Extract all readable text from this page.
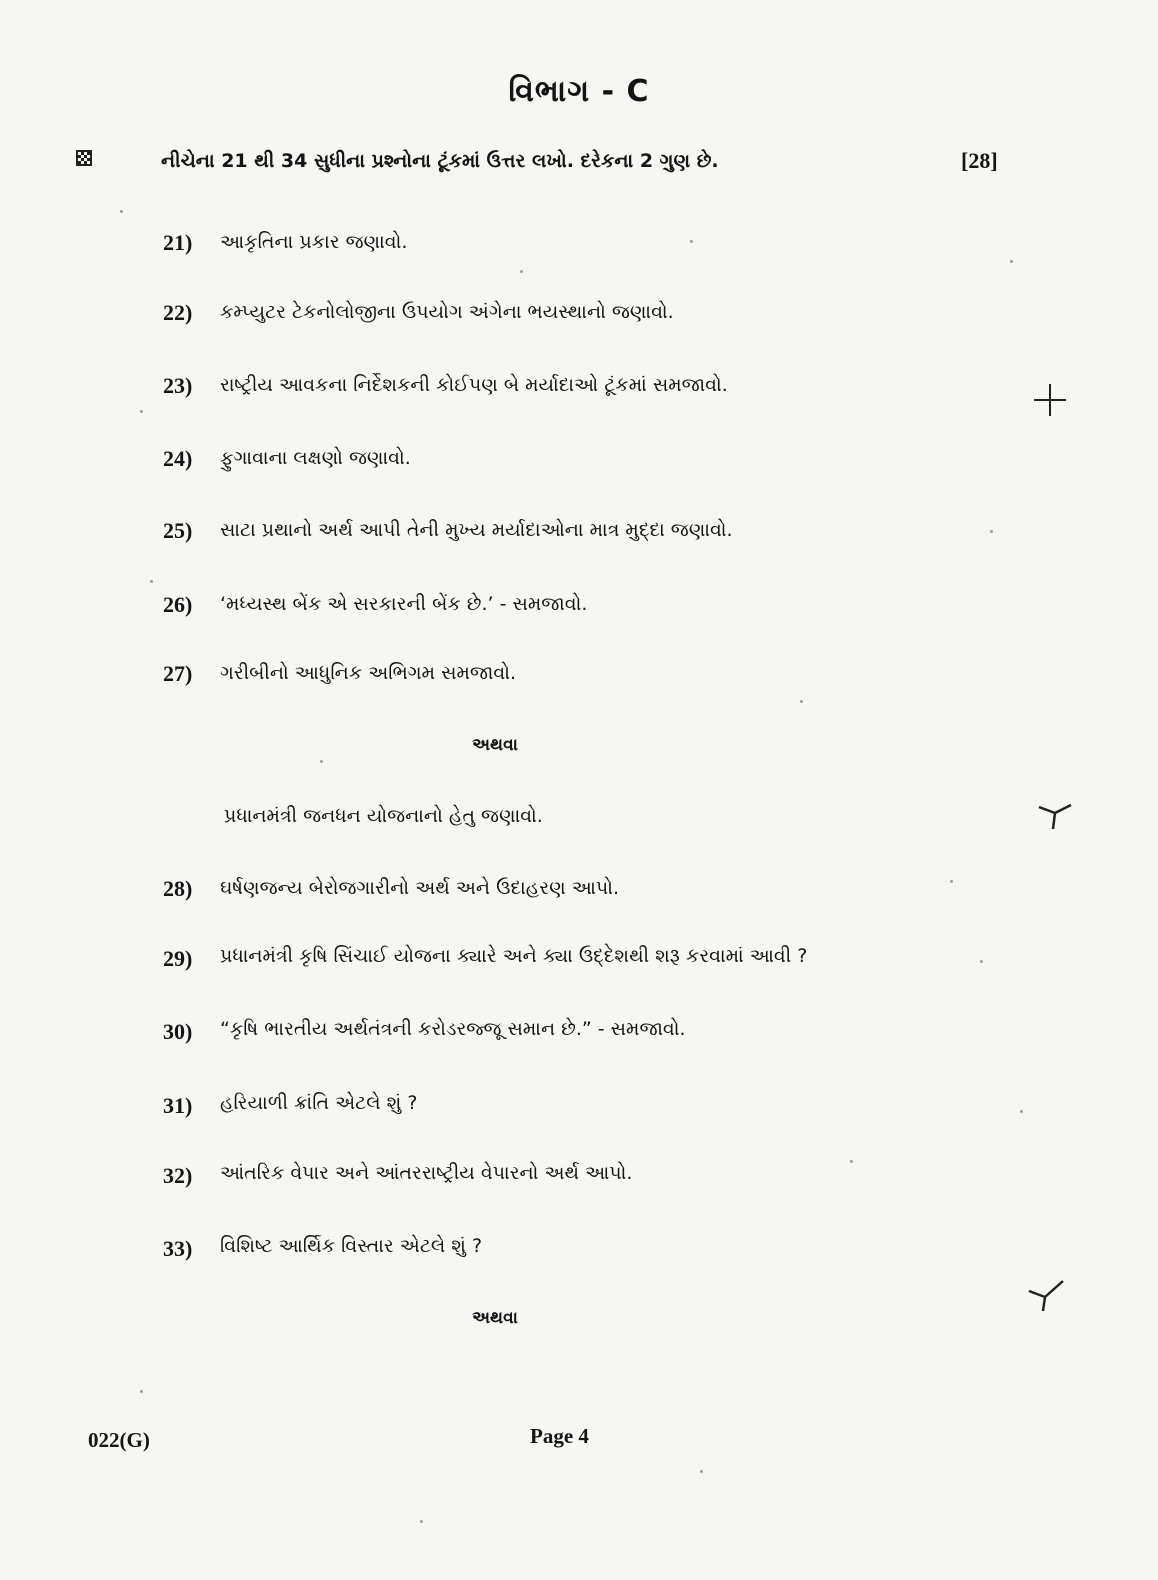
વિભાગ - C
નીચેના 21 થી 34 સુધીના પ્રશ્નોના ટૂંકમાં ઉત્તર લખો. દરેકના 2 ગુણ છે.	[28]
21) આકૃતિના પ્રકાર જણાવો.
22) કમ્પ્યુટર ટેકનોલોજીના ઉપયોગ અંગેના ભયસ્થાનો જણાવો.
23) રાષ્ટ્રીય આવકના નિર્દેશકની કોઈપણ બે મર્યાદાઓ ટૂંકમાં સમજાવો.
24) ફુગાવાના લક્ષણો જણાવો.
25) સાટા પ્રથાનો અર્થ આપી તેની મુખ્ય મર્યાદાઓના માત્ર મુદ્દા જણાવો.
26) ‘મધ્યસ્થ બેંક એ સરકારની બેંક છે.’ - સમજાવો.
27) ગરીબીનો આધુનિક અભિગમ સમજાવો.
અથવા
પ્રધાનમંત્રી જનધન યોજનાનો હેતુ જણાવો.
28) ઘર્ષણજન્ય બેરોજગારીનો અર્થ અને ઉદાહરણ આપો.
29) પ્રધાનમંત્રી કૃષિ સિંચાઈ યોજના ક્યારે અને ક્યા ઉદ્દેશથી શરૂ કરવામાં આવી ?
30) “કૃષિ ભારતીય અર્થતંત્રની કરોડરજ્જૂ સમાન છે.” - સમજાવો.
31) હરિયાળી ક્રાંતિ એટલે શું ?
32) આંતરિક વેપાર અને આંતરરાષ્ટ્રીય વેપારનો અર્થ આપો.
33) વિશિષ્ટ આર્થિક વિસ્તાર એટલે શું ?
અથવા
022(G)	Page 4
